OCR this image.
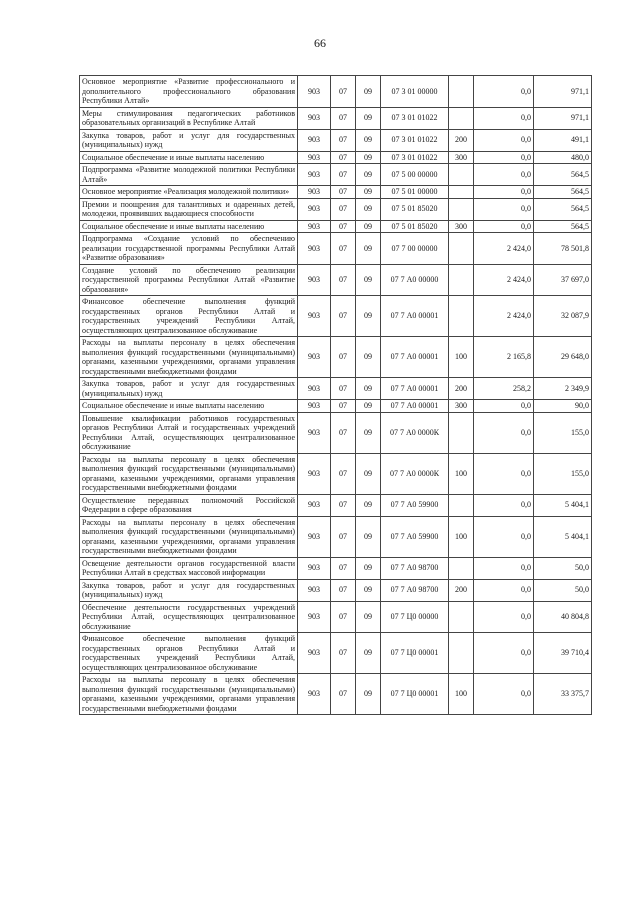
66
Основное мероприятие «Развитие профессионального и дополнительного профессионального образования Республики Алтай»	903	07	09	07 3 01 00000		0,0	971,1
Меры стимулирования педагогических работников образовательных организаций в Республике Алтай	903	07	09	07 3 01 01022		0,0	971,1
Закупка товаров, работ и услуг для государственных (муниципальных) нужд	903	07	09	07 3 01 01022	200	0,0	491,1
Социальное обеспечение и иные выплаты населению	903	07	09	07 3 01 01022	300	0,0	480,0
Подпрограмма «Развитие молодежной политики Республики Алтай»	903	07	09	07 5 00 00000		0,0	564,5
Основное мероприятие «Реализация молодежной политики»	903	07	09	07 5 01 00000		0,0	564,5
Премии и поощрения для талантливых и одаренных детей, молодежи, проявивших выдающиеся способности	903	07	09	07 5 01 85020		0,0	564,5
Социальное обеспечение и иные выплаты населению	903	07	09	07 5 01 85020	300	0,0	564,5
Подпрограмма «Создание условий по обеспечению реализации государственной программы Республики Алтай «Развитие образования»	903	07	09	07 7 00 00000		2 424,0	78 501,8
Создание условий по обеспечению реализации государственной программы Республики Алтай «Развитие образования»	903	07	09	07 7 А0 00000		2 424,0	37 697,0
Финансовое обеспечение выполнения функций государственных органов Республики Алтай и государственных учреждений Республики Алтай, осуществляющих централизованное обслуживание	903	07	09	07 7 А0 00001		2 424,0	32 087,9
Расходы на выплаты персоналу в целях обеспечения выполнения функций государственными (муниципальными) органами, казенными учреждениями, органами управления государственными внебюджетными фондами	903	07	09	07 7 А0 00001	100	2 165,8	29 648,0
Закупка товаров, работ и услуг для государственных (муниципальных) нужд	903	07	09	07 7 А0 00001	200	258,2	2 349,9
Социальное обеспечение и иные выплаты населению	903	07	09	07 7 А0 00001	300	0,0	90,0
Повышение квалификации работников государственных органов Республики Алтай и государственных учреждений Республики Алтай, осуществляющих централизованное обслуживание	903	07	09	07 7 А0 0000К		0,0	155,0
Расходы на выплаты персоналу в целях обеспечения выполнения функций государственными (муниципальными) органами, казенными учреждениями, органами управления государственными внебюджетными фондами	903	07	09	07 7 А0 0000К	100	0,0	155,0
Осуществление переданных полномочий Российской Федерации в сфере образования	903	07	09	07 7 А0 59900		0,0	5 404,1
Расходы на выплаты персоналу в целях обеспечения выполнения функций государственными (муниципальными) органами, казенными учреждениями, органами управления государственными внебюджетными фондами	903	07	09	07 7 А0 59900	100	0,0	5 404,1
Освещение деятельности органов государственной власти Республики Алтай в средствах массовой информации	903	07	09	07 7 А0 98700		0,0	50,0
Закупка товаров, работ и услуг для государственных (муниципальных) нужд	903	07	09	07 7 А0 98700	200	0,0	50,0
Обеспечение деятельности государственных учреждений Республики Алтай, осуществляющих централизованное обслуживание	903	07	09	07 7 Ц0 00000		0,0	40 804,8
Финансовое обеспечение выполнения функций государственных органов Республики Алтай и государственных учреждений Республики Алтай, осуществляющих централизованное обслуживание	903	07	09	07 7 Ц0 00001		0,0	39 710,4
Расходы на выплаты персоналу в целях обеспечения выполнения функций государственными (муниципальными) органами, казенными учреждениями, органами управления государственными внебюджетными фондами	903	07	09	07 7 Ц0 00001	100	0,0	33 375,7
